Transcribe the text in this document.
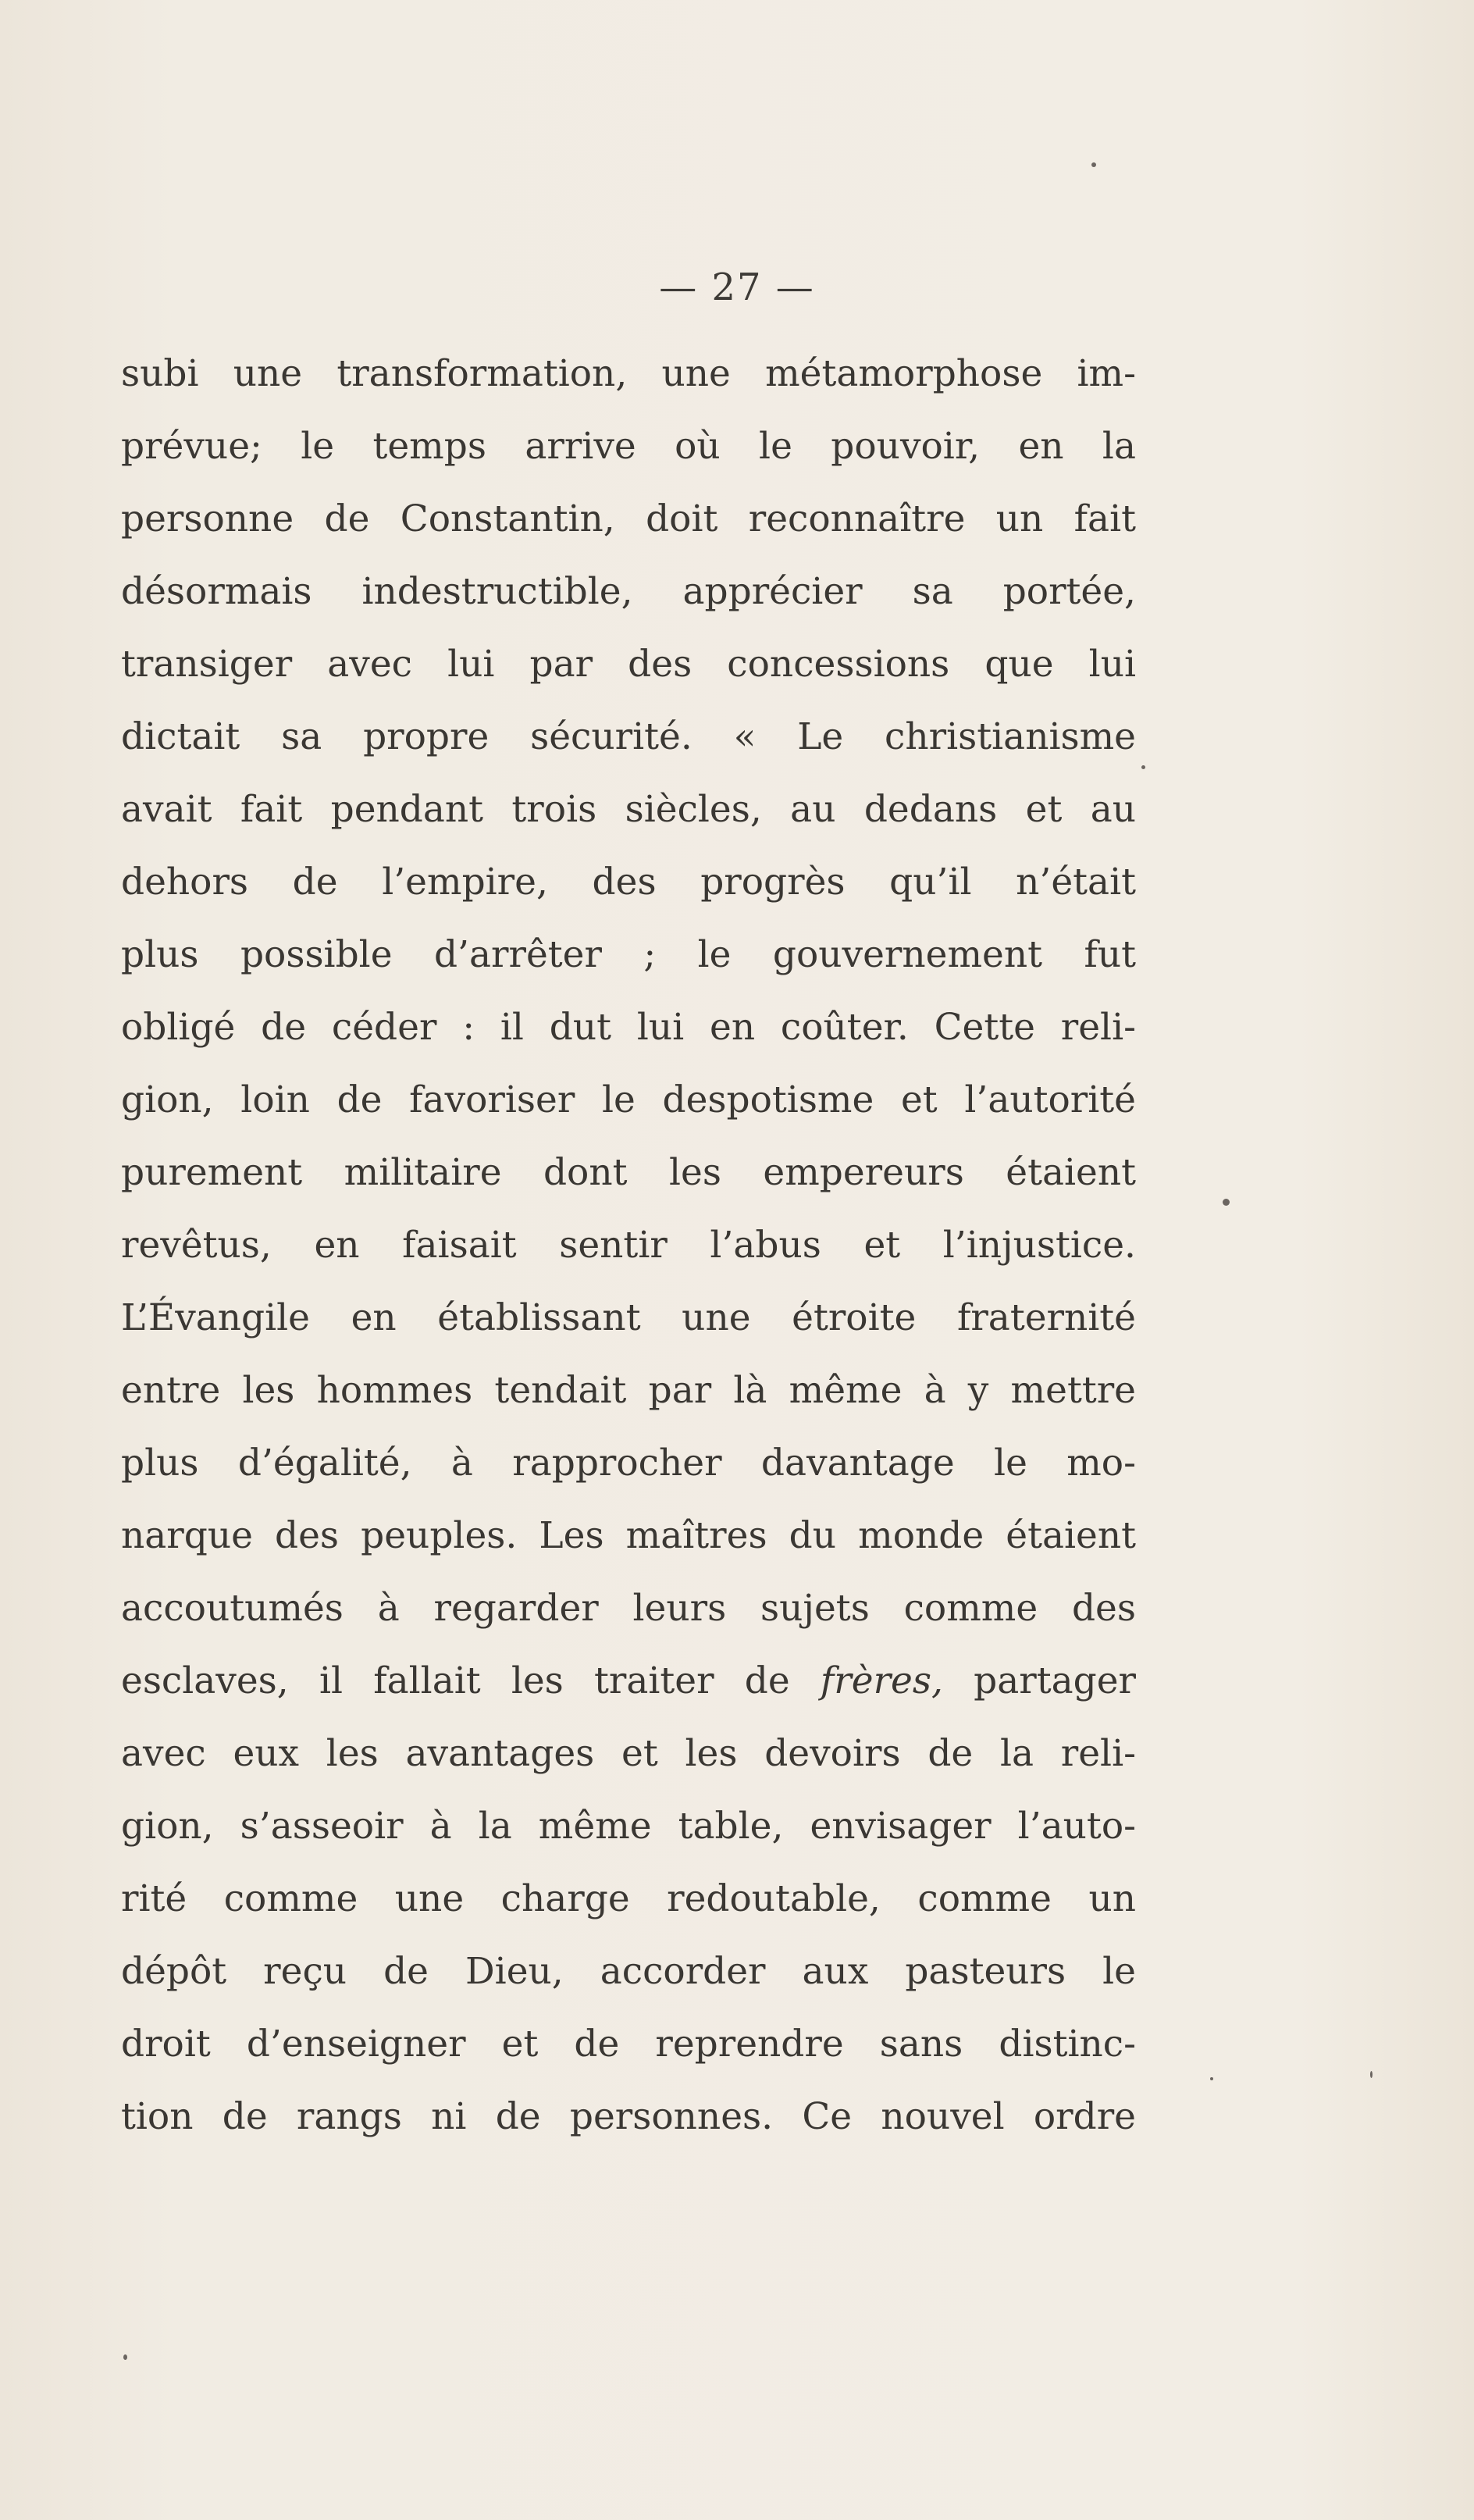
— 27 —
subi une transformation, une métamorphose im-
prévue; le temps arrive où le pouvoir, en la
personne de Constantin, doit reconnaître un fait
désormais indestructible, apprécier sa portée,
transiger avec lui par des concessions que lui
dictait sa propre sécurité. « Le christianisme
avait fait pendant trois siècles, au dedans et au
dehors de l’empire, des progrès qu’il n’était
plus possible d’arrêter ; le gouvernement fut
obligé de céder : il dut lui en coûter. Cette reli-
gion, loin de favoriser le despotisme et l’autorité
purement militaire dont les empereurs étaient
revêtus, en faisait sentir l’abus et l’injustice.
L’Évangile en établissant une étroite fraternité
entre les hommes tendait par là même à y mettre
plus d’égalité, à rapprocher davantage le mo-
narque des peuples. Les maîtres du monde étaient
accoutumés à regarder leurs sujets comme des
esclaves, il fallait les traiter de frères, partager
avec eux les avantages et les devoirs de la reli-
gion, s’asseoir à la même table, envisager l’auto-
rité comme une charge redoutable, comme un
dépôt reçu de Dieu, accorder aux pasteurs le
droit d’enseigner et de reprendre sans distinc-
tion de rangs ni de personnes. Ce nouvel ordre
